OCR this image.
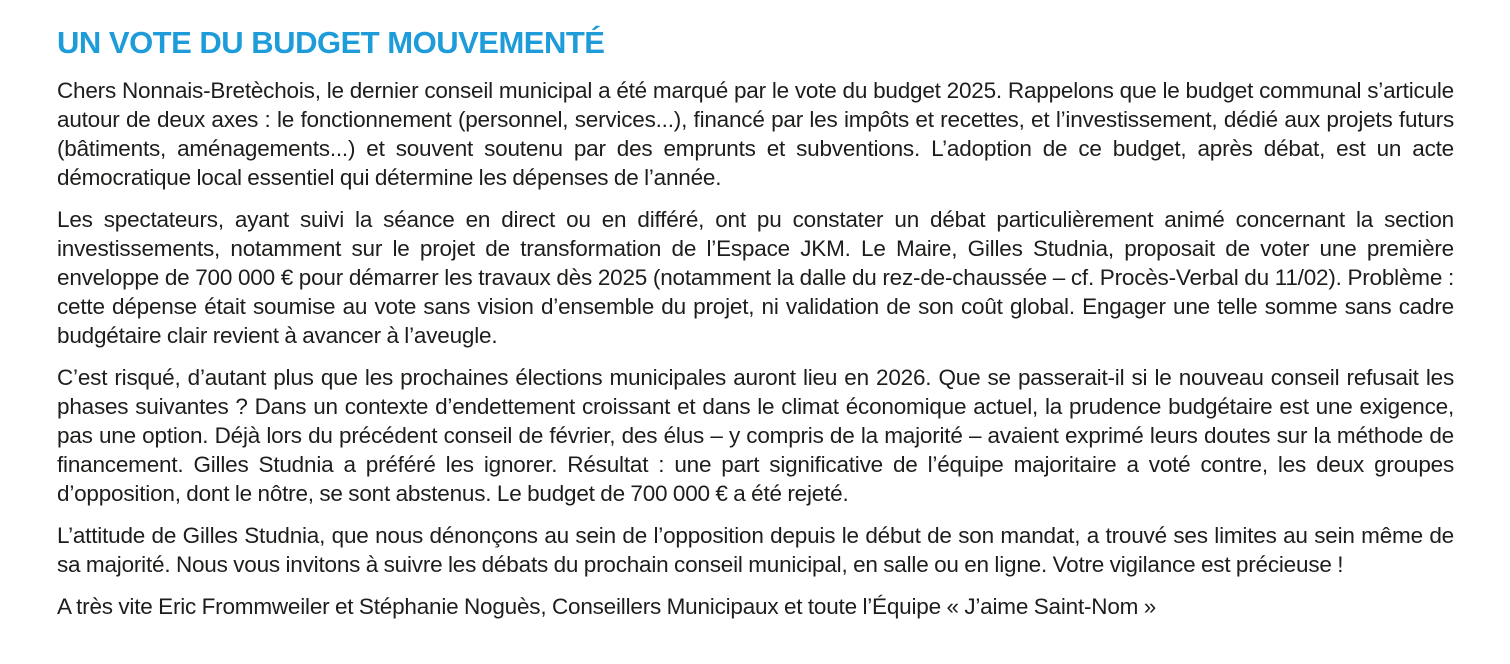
UN VOTE DU BUDGET MOUVEMENTÉ

Chers Nonnais-Bretèchois, le dernier conseil municipal a été marqué par le vote du budget 2025. Rappelons que le budget communal s’articule autour de deux axes : le fonctionnement (personnel, services...), financé par les impôts et recettes, et l’investissement, dédié aux projets futurs (bâtiments, aménagements...) et souvent soutenu par des emprunts et subventions. L’adoption de ce budget, après débat, est un acte démocratique local essentiel qui détermine les dépenses de l’année.

Les spectateurs, ayant suivi la séance en direct ou en différé, ont pu constater un débat particulièrement animé concernant la section investissements, notamment sur le projet de transformation de l’Espace JKM. Le Maire, Gilles Studnia, proposait de voter une première enveloppe de 700 000 € pour démarrer les travaux dès 2025 (notamment la dalle du rez-de-chaussée – cf. Procès-Verbal du 11/02). Problème : cette dépense était soumise au vote sans vision d’ensemble du projet, ni validation de son coût global. Engager une telle somme sans cadre budgétaire clair revient à avancer à l’aveugle.

C’est risqué, d’autant plus que les prochaines élections municipales auront lieu en 2026. Que se passerait-il si le nouveau conseil refusait les phases suivantes ? Dans un contexte d’endettement croissant et dans le climat économique actuel, la prudence budgétaire est une exigence, pas une option. Déjà lors du précédent conseil de février, des élus – y compris de la majorité – avaient exprimé leurs doutes sur la méthode de financement. Gilles Studnia a préféré les ignorer. Résultat : une part significative de l’équipe majoritaire a voté contre, les deux groupes d’opposition, dont le nôtre, se sont abstenus. Le budget de 700 000 € a été rejeté.

L’attitude de Gilles Studnia, que nous dénonçons au sein de l’opposition depuis le début de son mandat, a trouvé ses limites au sein même de sa majorité. Nous vous invitons à suivre les débats du prochain conseil municipal, en salle ou en ligne. Votre vigilance est précieuse !

A très vite Eric Frommweiler et Stéphanie Noguès, Conseillers Municipaux et toute l’Équipe « J’aime Saint-Nom »
